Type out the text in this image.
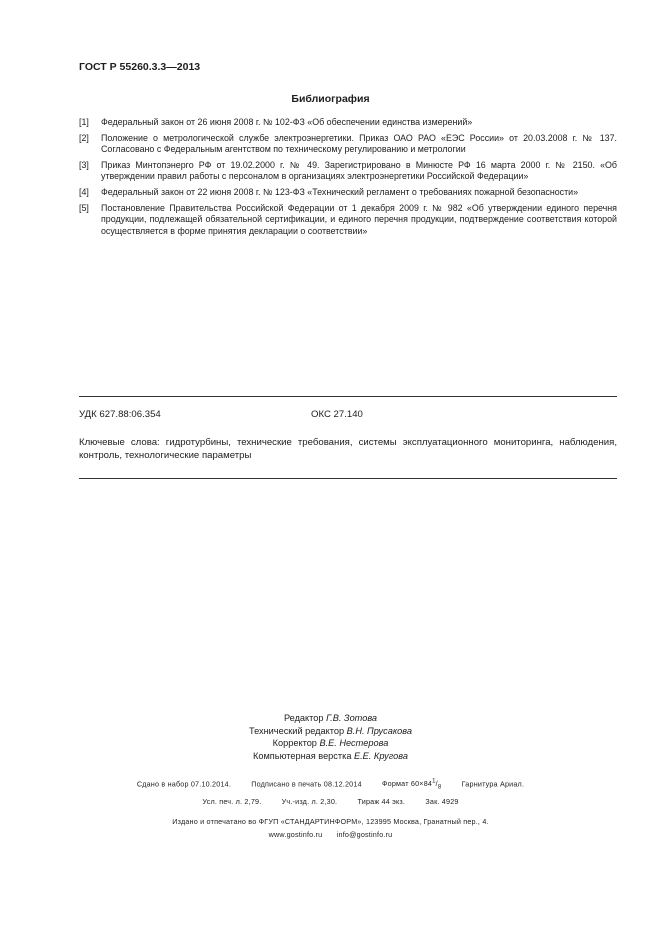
ГОСТ Р 55260.3.3—2013
Библиография
[1]	Федеральный закон от 26 июня 2008 г. № 102-ФЗ «Об обеспечении единства измерений»
[2]	Положение о метрологической службе электроэнергетики. Приказ ОАО РАО «ЕЭС России» от 20.03.2008 г. № 137. Согласовано с Федеральным агентством по техническому регулированию и метрологии
[3]	Приказ Минтопэнерго РФ от 19.02.2000 г. № 49. Зарегистрировано в Минюсте РФ 16 марта 2000 г. № 2150. «Об утверждении правил работы с персоналом в организациях электроэнергетики Российской Федерации»
[4]	Федеральный закон от 22 июня 2008 г. № 123-ФЗ «Технический регламент о требованиях пожарной безопасности»
[5]	Постановление Правительства Российской Федерации от 1 декабря 2009 г. № 982 «Об утверждении единого перечня продукции, подлежащей обязательной сертификации, и единого перечня продукции, подтверждение соответствия которой осуществляется в форме принятия декларации о соответствии»
УДК 627.88:06.354	ОКС 27.140
Ключевые слова: гидротурбины, технические требования, системы эксплуатационного мониторинга, наблюдения, контроль, технологические параметры
Редактор Г.В. Зотова
Технический редактор В.Н. Прусакова
Корректор В.Е. Нестерова
Компьютерная верстка Е.Е. Кругова
Сдано в набор 07.10.2014.	Подписано в печать 08.12.2014	Формат $60\times 84^1/_8$	Гарнитура Ариал.
Усл. печ. л. 2,79.	Уч.-изд. л. 2,30.	Тираж 44 экз.	Зак. 4929
Издано и отпечатано во ФГУП «СТАНДАРТИНФОРМ», 123995 Москва, Гранатный пер., 4.
www.gostinfo.ru info@gostinfo.ru
